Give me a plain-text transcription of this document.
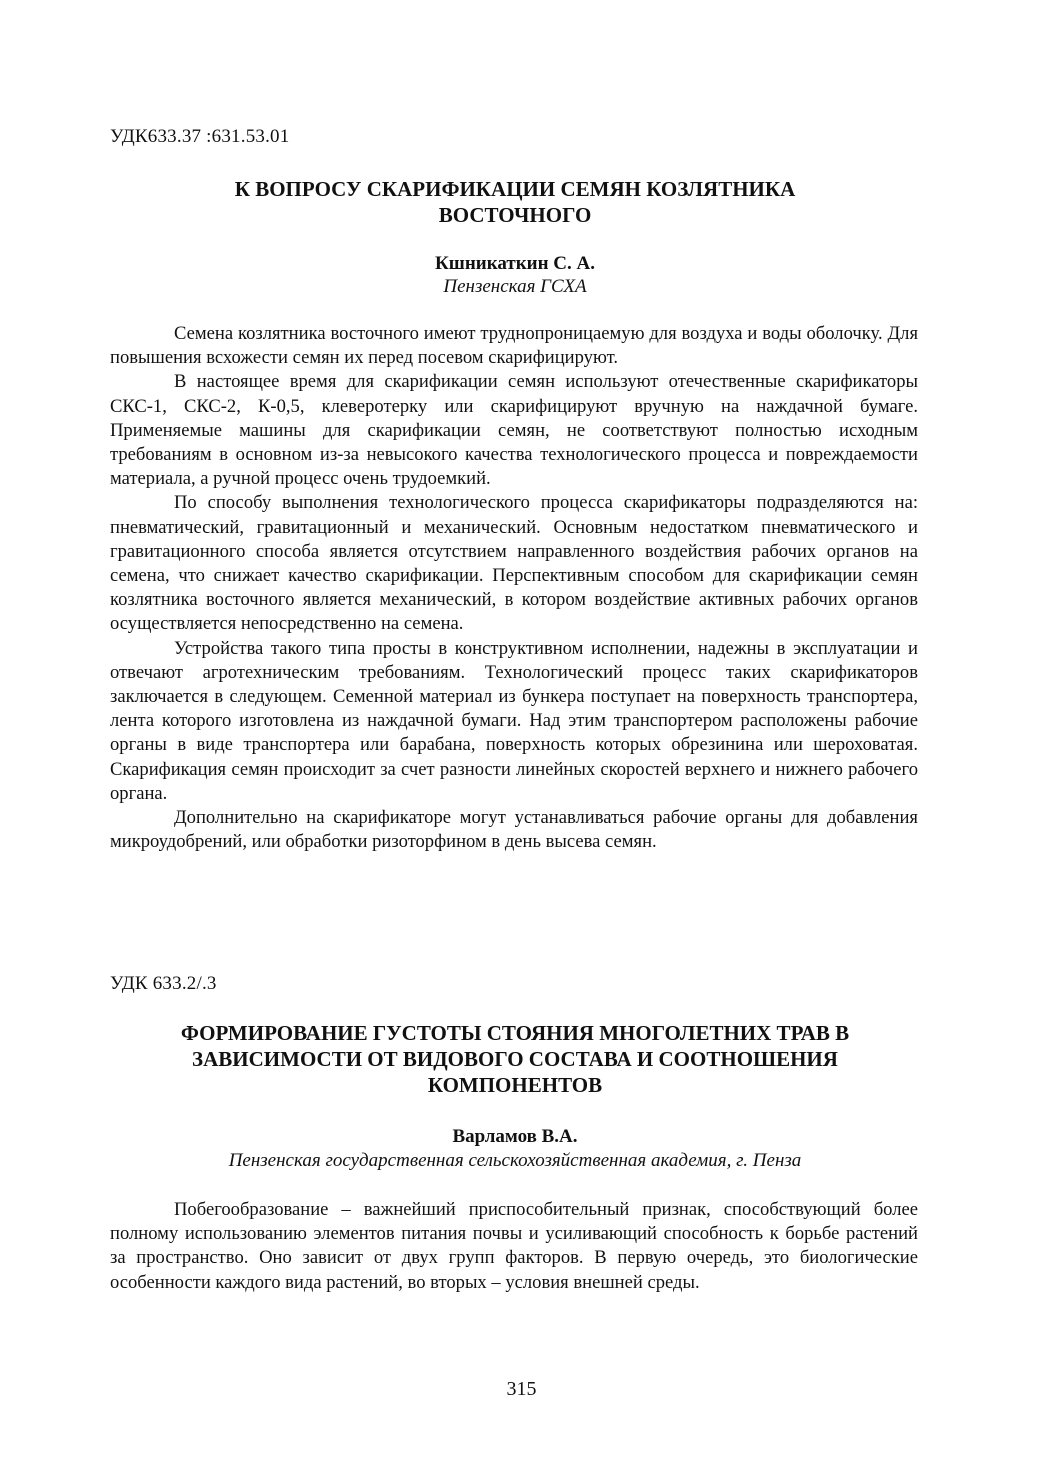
УДК633.37 :631.53.01
К ВОПРОСУ СКАРИФИКАЦИИ СЕМЯН КОЗЛЯТНИКА ВОСТОЧНОГО
Кшникаткин С. А.
Пензенская ГСХА

Семена козлятника восточного имеют труднопроницаемую для воздуха и воды оболочку. Для повышения всхожести семян их перед посевом скарифицируют.

В настоящее время для скарификации семян используют отечественные скарификаторы СКС-1, СКС-2, К-0,5, клеверотерку или скарифицируют вручную на наждачной бумаге. Применяемые машины для скарификации семян, не соответствуют полностью исходным требованиям в основном из-за невысокого качества технологического процесса и повреждаемости материала, а ручной процесс очень трудоемкий.

По способу выполнения технологического процесса скарификаторы подразделяются на: пневматический, гравитационный и механический. Основным недостатком пневматического и гравитационного способа является отсутствием направленного воздействия рабочих органов на семена, что снижает качество скарификации. Перспективным способом для скарификации семян козлятника восточного является механический, в котором воздействие активных рабочих органов осуществляется непосредственно на семена.

Устройства такого типа просты в конструктивном исполнении, надежны в эксплуатации и отвечают агротехническим требованиям. Технологический процесс таких скарификаторов заключается в следующем. Семенной материал из бункера поступает на поверхность транспортера, лента которого изготовлена из наждачной бумаги. Над этим транспортером расположены рабочие органы в виде транспортера или барабана, поверхность которых обрезинина или шероховатая. Скарификация семян происходит за счет разности линейных скоростей верхнего и нижнего рабочего органа.

Дополнительно на скарификаторе могут устанавливаться рабочие органы для добавления микроудобрений, или обработки ризоторфином в день высева семян.

УДК 633.2/.3
ФОРМИРОВАНИЕ ГУСТОТЫ СТОЯНИЯ МНОГОЛЕТНИХ ТРАВ В ЗАВИСИМОСТИ ОТ ВИДОВОГО СОСТАВА И СООТНОШЕНИЯ КОМПОНЕНТОВ
Варламов В.А.
Пензенская государственная сельскохозяйственная академия, г. Пенза

Побегообразование – важнейший приспособительный признак, способствующий более полному использованию элементов питания почвы и усиливающий способность к борьбе растений за пространство. Оно зависит от двух групп факторов. В первую очередь, это биологические особенности каждого вида растений, во вторых – условия внешней среды.

315
